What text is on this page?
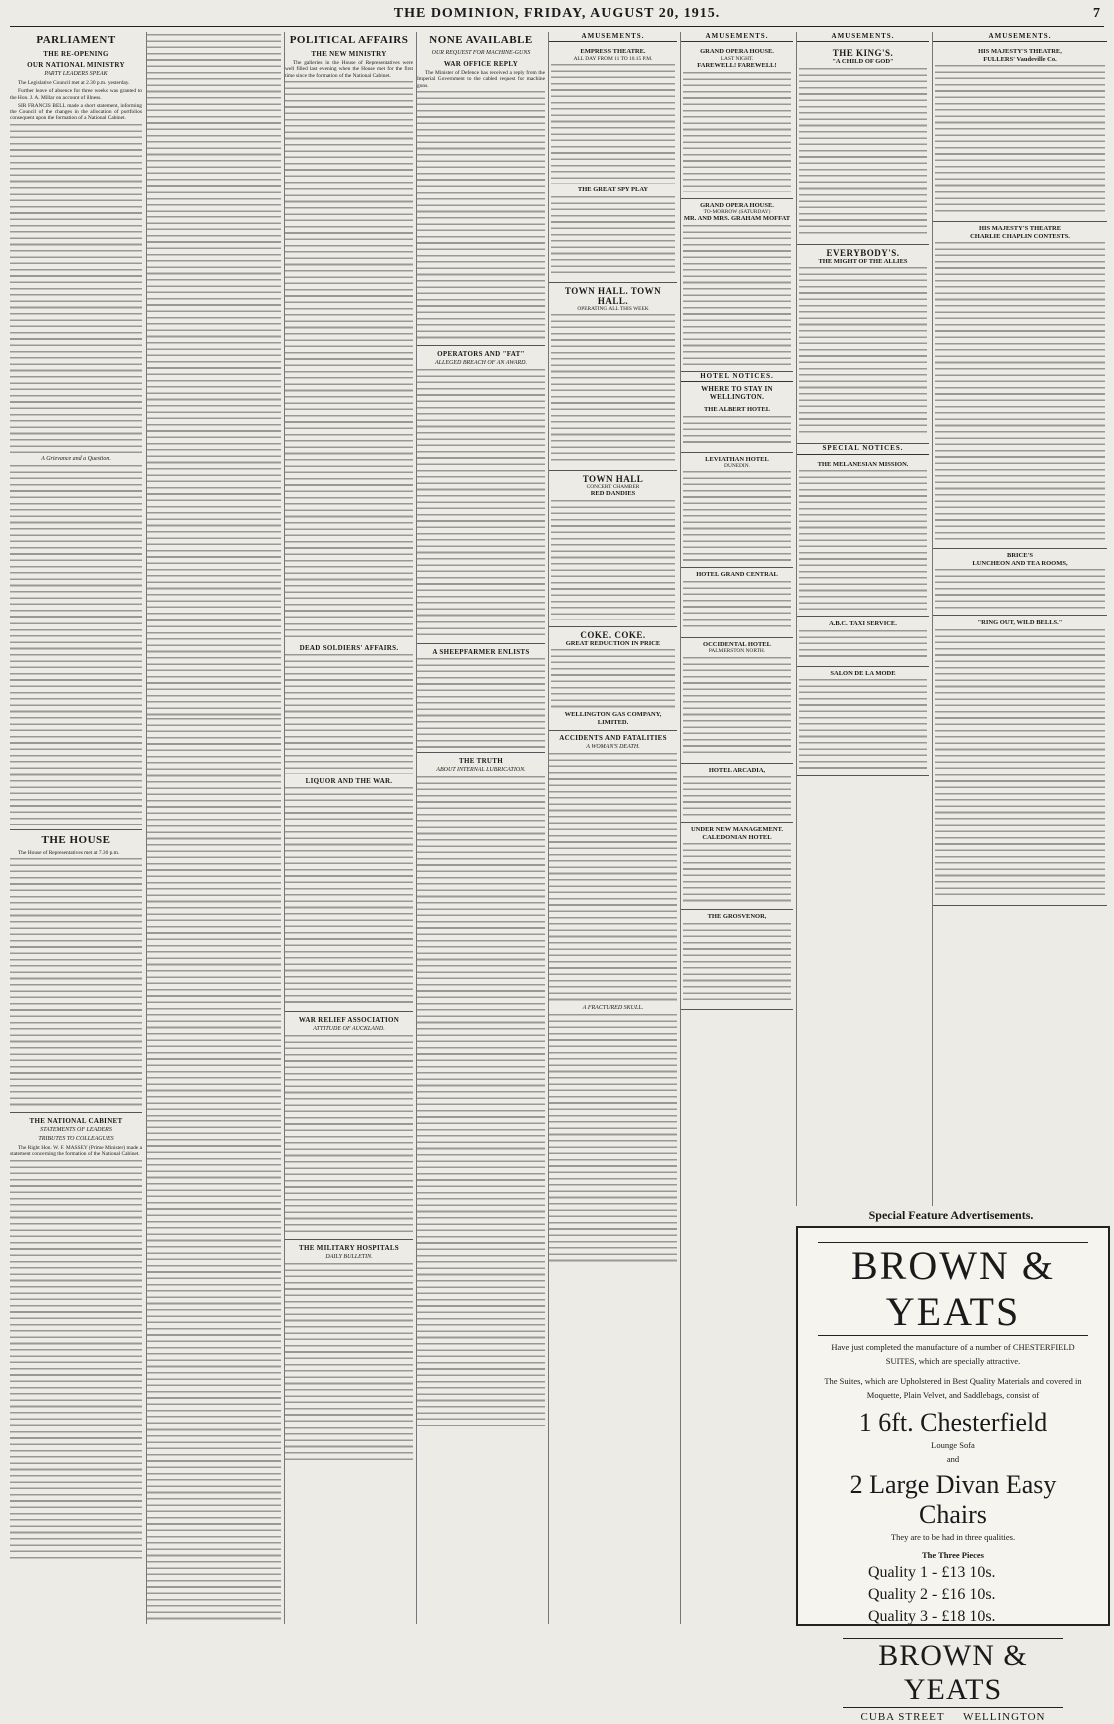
THE DOMINION, FRIDAY, AUGUST 20, 1915.	7
PARLIAMENT
THE RE-OPENING
OUR NATIONAL MINISTRY
PARTY LEADERS SPEAK

The Legislative Council met at 2.30 p.m. yesterday.

Further leave of absence for three weeks was granted to the Hon. J. A. Millar on account of illness.

SIR FRANCIS BELL made a short statement, informing the Council of the changes in the allocation of portfolios consequent upon the formation of a National Cabinet.

A Grievance and a Question.
THE HOUSE

The House of Representatives met at 7.30 p.m.

THE NATIONAL CABINET
STATEMENTS OF LEADERS
TRIBUTES TO COLLEAGUES

The Right Hon. W. F. MASSEY (Prime Minister) made a statement concerning the formation of the National Cabinet.

POLITICAL AFFAIRS
THE NEW MINISTRY

The galleries in the House of Representatives were well filled last evening when the House met for the first time since the formation of the National Cabinet.

DEAD SOLDIERS' AFFAIRS.
LIQUOR AND THE WAR.
WAR RELIEF ASSOCIATION
ATTITUDE OF AUCKLAND.
THE MILITARY HOSPITALS
DAILY BULLETIN.
NONE AVAILABLE
OUR REQUEST FOR MACHINE-GUNS
WAR OFFICE REPLY

The Minister of Defence has received a reply from the Imperial Government to the cabled request for machine guns.

OPERATORS AND "FAT"
ALLEGED BREACH OF AN AWARD.
A SHEEPFARMER ENLISTS
THE TRUTH
ABOUT INTERNAL LUBRICATION.
AMUSEMENTS.
EMPRESS THEATRE.
ALL DAY FROM 11 TO 10.15 P.M.
THE GREAT SPY PLAY
TOWN HALL. TOWN HALL.
OPERATING ALL THIS WEEK
TOWN HALL
CONCERT CHAMBER
RED DANDIES
COKE. COKE.
GREAT REDUCTION IN PRICE
WELLINGTON GAS COMPANY, LIMITED.
ACCIDENTS AND FATALITIES
A WOMAN'S DEATH.
A FRACTURED SKULL.
AMUSEMENTS.
GRAND OPERA HOUSE.
LAST NIGHT.
FAREWELL! FAREWELL!
GRAND OPERA HOUSE.
TO-MORROW (SATURDAY)
MR. AND MRS. GRAHAM MOFFAT
HOTEL NOTICES.
WHERE TO STAY IN WELLINGTON.
THE ALBERT HOTEL
LEVIATHAN HOTEL
DUNEDIN.
HOTEL GRAND CENTRAL
OCCIDENTAL HOTEL
PALMERSTON NORTH.
HOTEL ARCADIA,
UNDER NEW MANAGEMENT. CALEDONIAN HOTEL
THE GROSVENOR,
AMUSEMENTS.
THE KING'S.
"A CHILD OF GOD"
EVERYBODY'S.
THE MIGHT OF THE ALLIES
SPECIAL NOTICES.
THE MELANESIAN MISSION.
A.B.C. TAXI SERVICE.
SALON DE LA MODE
AMUSEMENTS.
HIS MAJESTY'S THEATRE,
FULLERS' Vaudeville Co.
HIS MAJESTY'S THEATRE
CHARLIE CHAPLIN CONTESTS.
BRICE'S
LUNCHEON AND TEA ROOMS,
"RING OUT, WILD BELLS."
Special Feature Advertisements.
BROWN & YEATS
Have just completed the manufacture of a number of CHESTERFIELD SUITES, which are specially attractive.
The Suites, which are Upholstered in Best Quality Materials and covered in Moquette, Plain Velvet, and Saddlebags, consist of
1 6ft. Chesterfield
Lounge Sofa
and
2 Large Divan Easy Chairs
They are to be had in three qualities.
The Three Pieces
Quality 1 - £13 10s.
Quality 2 - £16 10s.
Quality 3 - £18 10s.
BROWN & YEATS
CUBA STREET WELLINGTON
